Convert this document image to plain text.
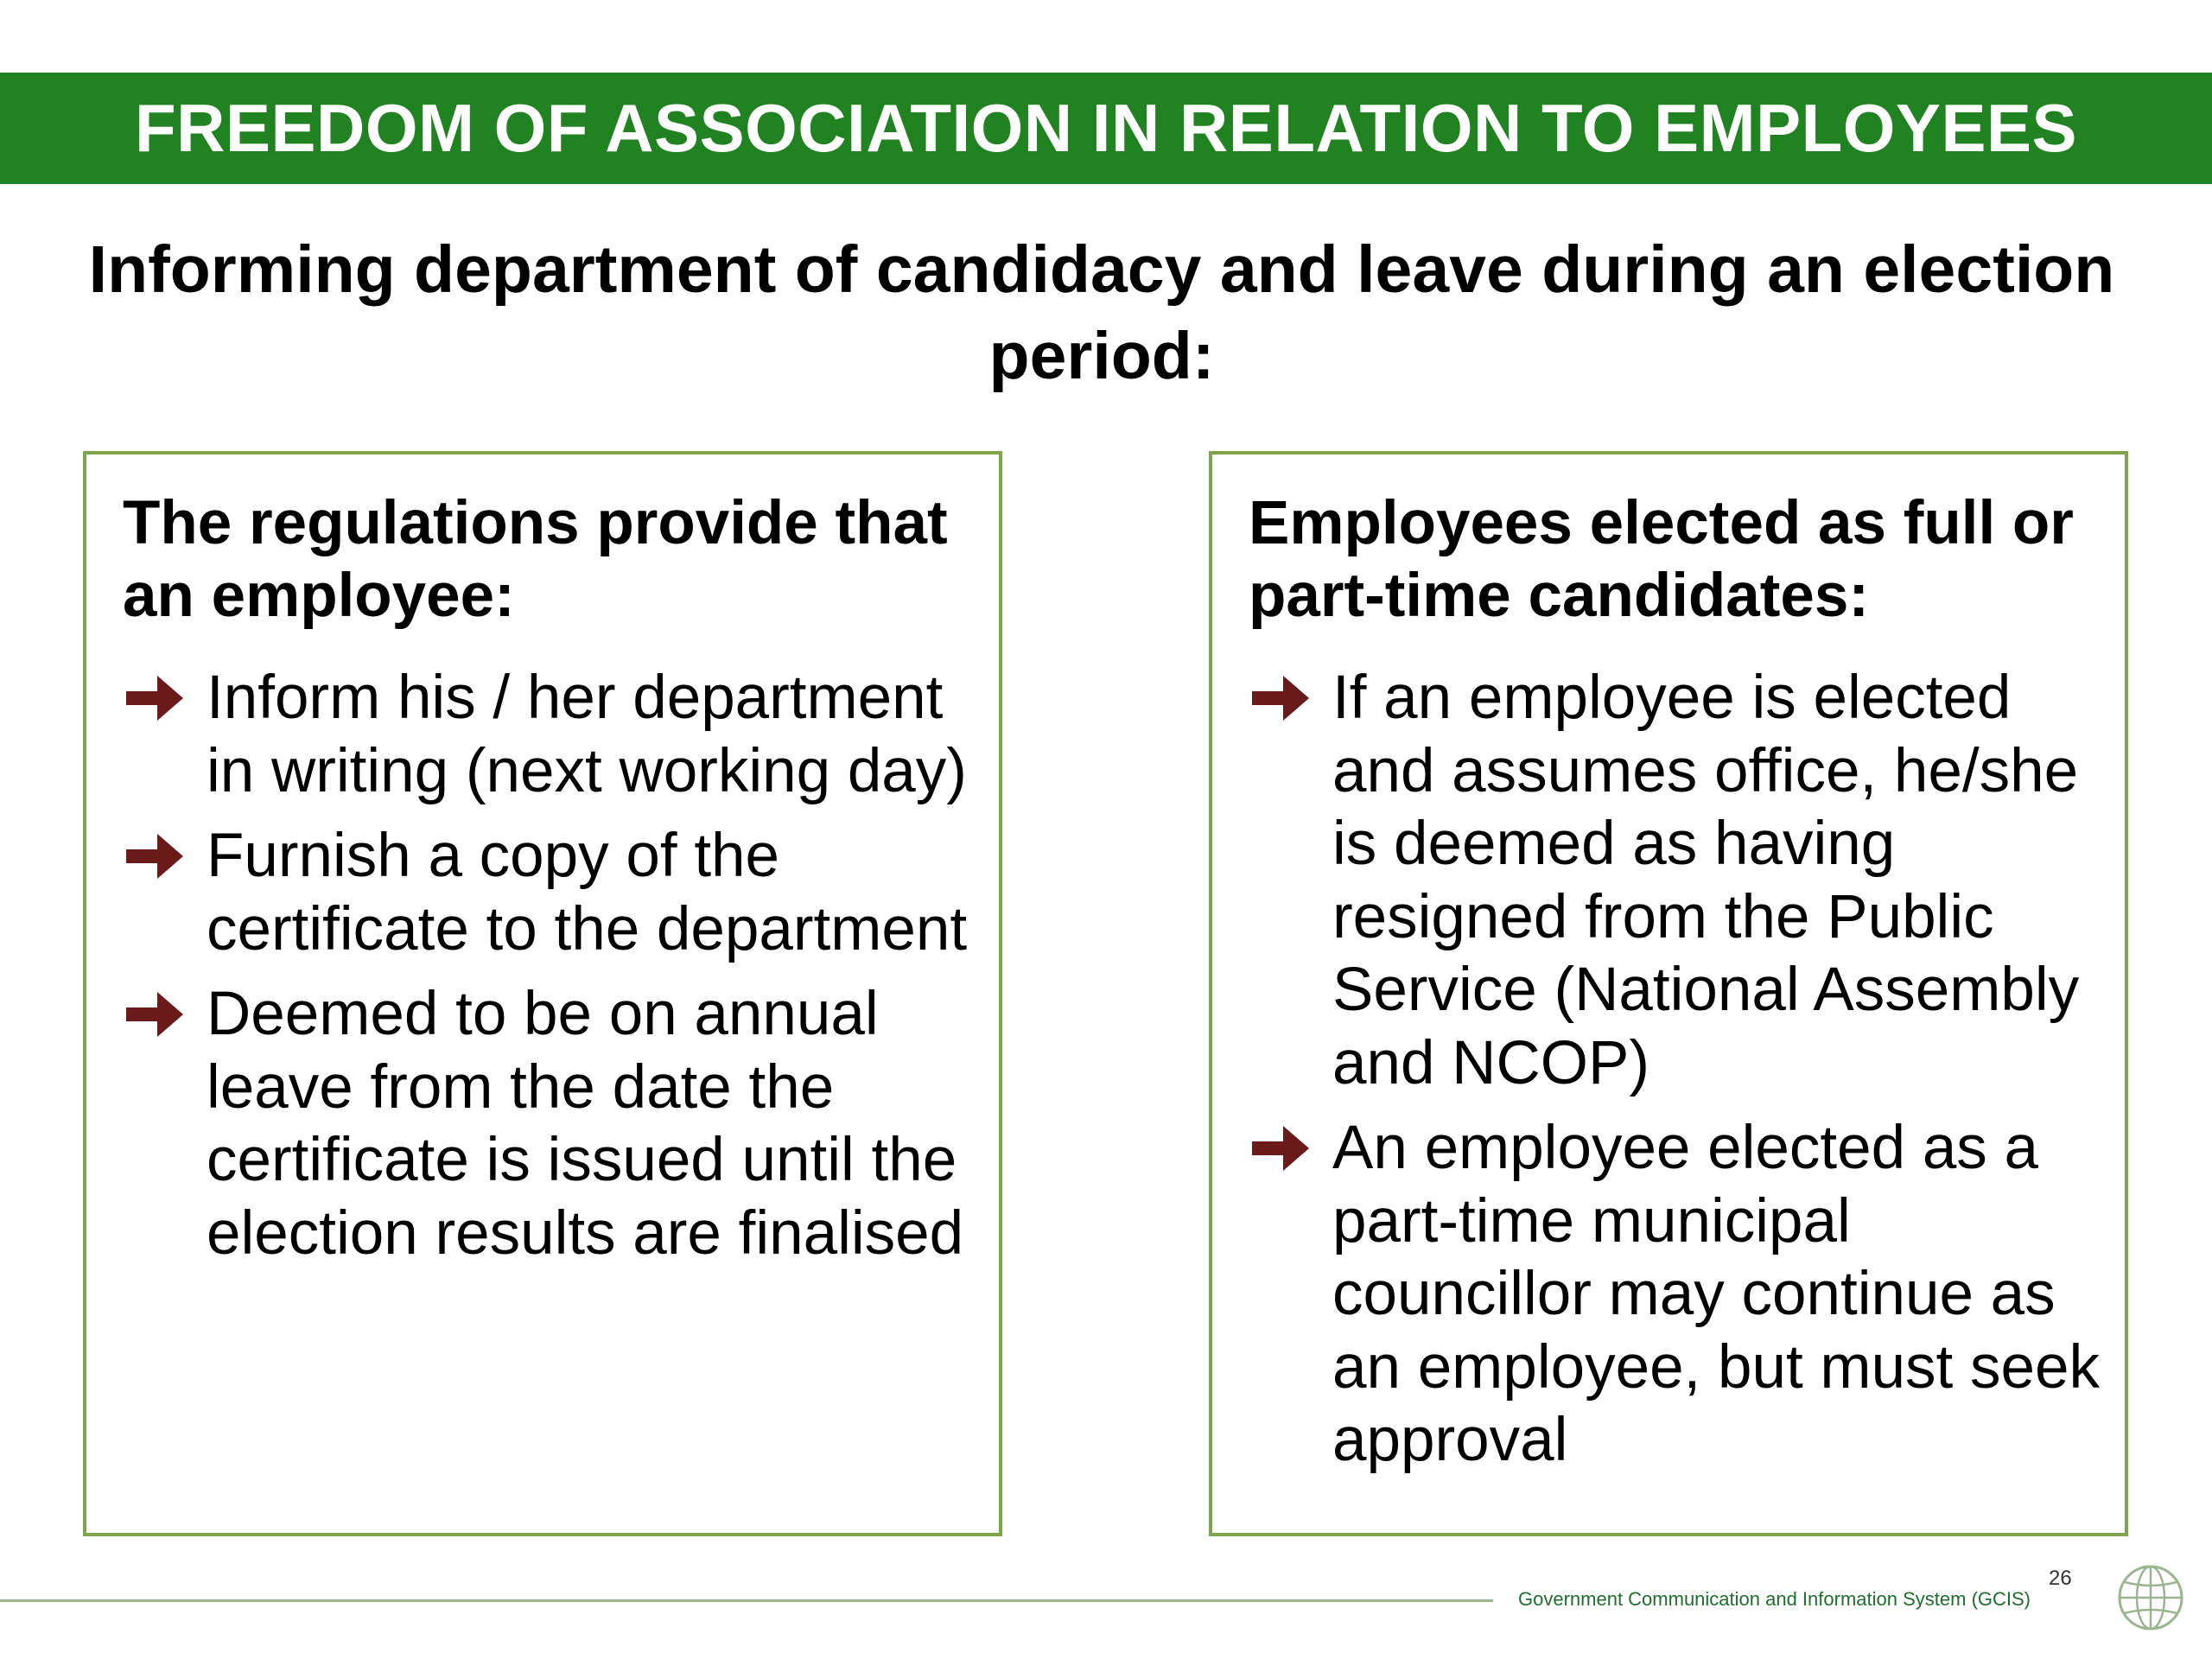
FREEDOM OF ASSOCIATION IN RELATION TO EMPLOYEES
Informing department of candidacy and leave during an election period:
The regulations provide that an employee:
Inform his / her department in writing (next working day)
Furnish a copy of the certificate to the department
Deemed to be on annual leave from the date the certificate is issued until the election results are finalised
Employees elected as full or part-time candidates:
If an employee is elected and assumes office, he/she is deemed as having resigned from the Public Service (National Assembly and NCOP)
An employee elected as a part-time municipal councillor may continue as an employee, but must seek approval
26
Government Communication and Information System (GCIS)
